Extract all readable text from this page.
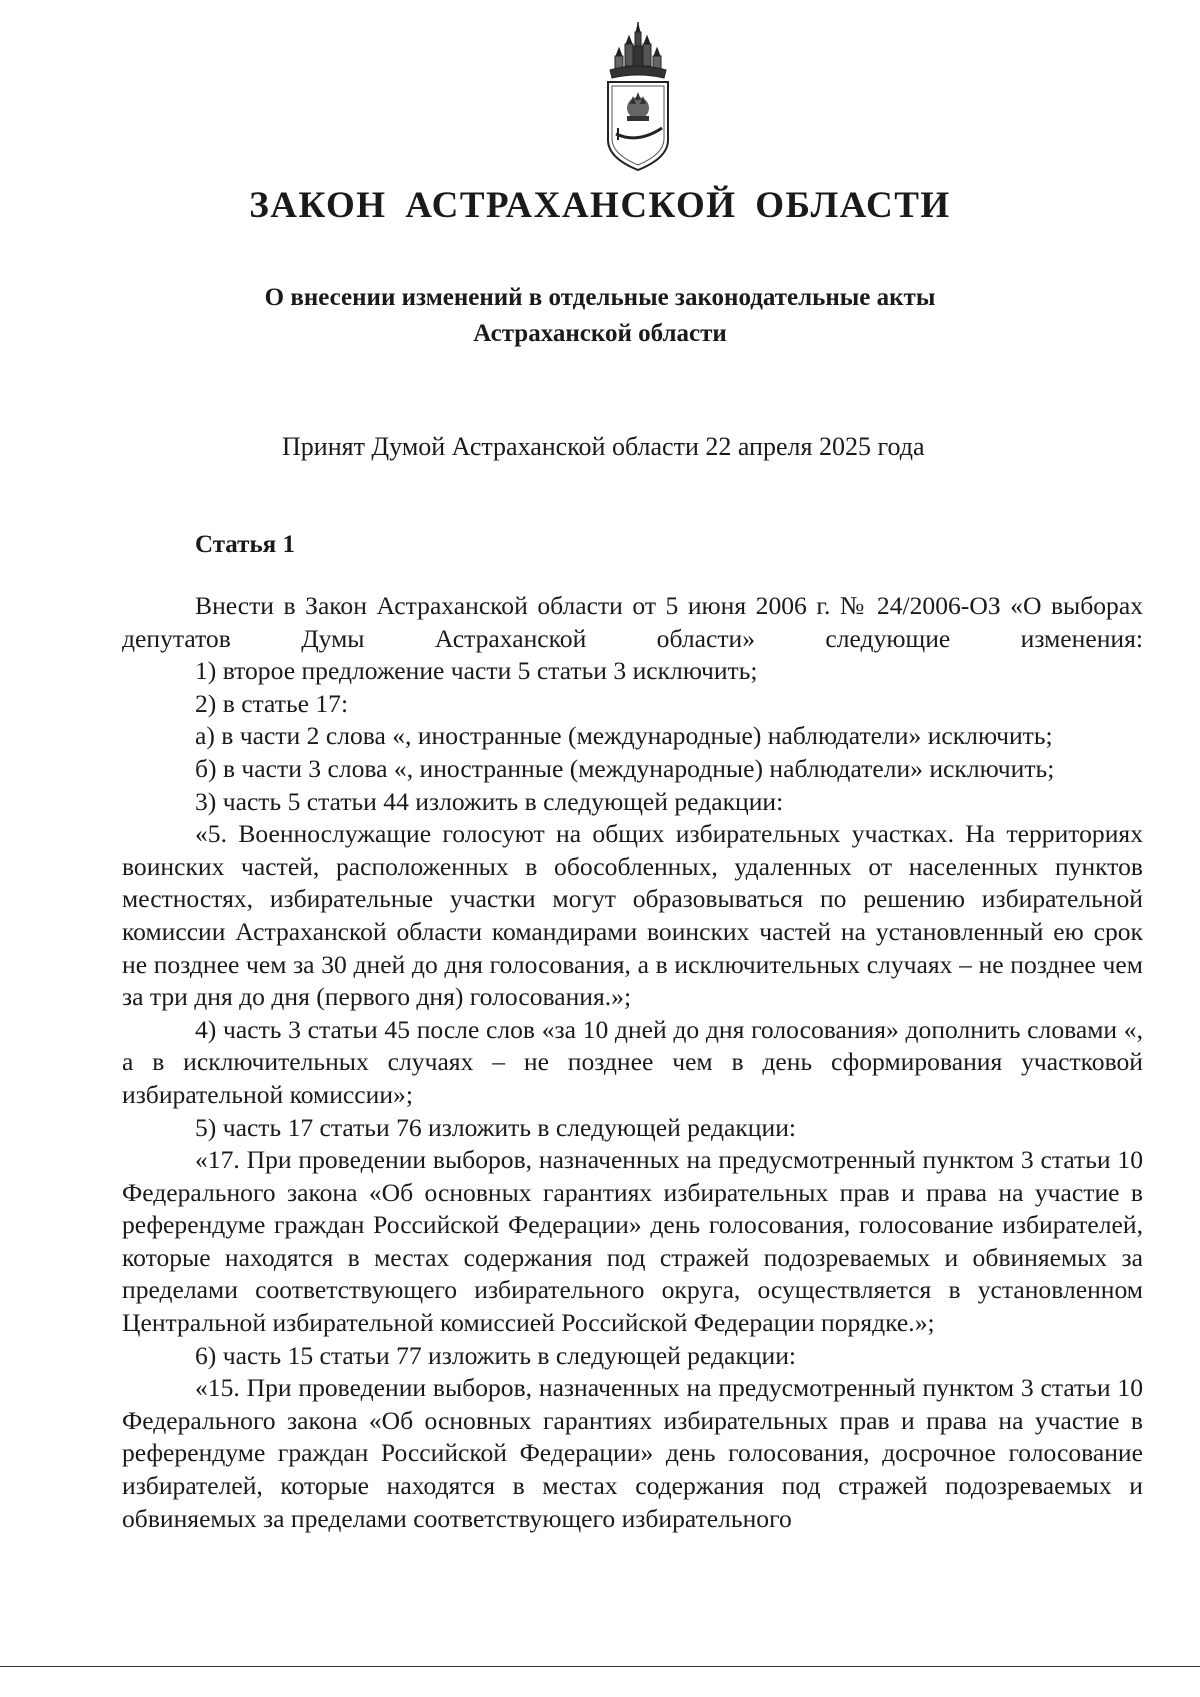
ЗАКОН АСТРАХАНСКОЙ ОБЛАСТИ
О внесении изменений в отдельные законодательные акты
Астраханской области

Принят Думой Астраханской области 22 апреля 2025 года

Статья 1

Внести в Закон Астраханской области от 5 июня 2006 г. № 24/2006-ОЗ «О выборах депутатов Думы Астраханской области» следующие изменения:

1) второе предложение части 5 статьи 3 исключить;

2) в статье 17:

а) в части 2 слова «, иностранные (международные) наблюдатели» исключить;

б) в части 3 слова «, иностранные (международные) наблюдатели» исключить;

3) часть 5 статьи 44 изложить в следующей редакции:

«5. Военнослужащие голосуют на общих избирательных участках. На территориях воинских частей, расположенных в обособленных, удаленных от населенных пунктов местностях, избирательные участки могут образовываться по решению избирательной комиссии Астраханской области командирами воинских частей на установленный ею срок не позднее чем за 30 дней до дня голосования, а в исключительных случаях – не позднее чем за три дня до дня (первого дня) голосования.»;

4) часть 3 статьи 45 после слов «за 10 дней до дня голосования» дополнить словами «, а в исключительных случаях – не позднее чем в день сформирования участковой избирательной комиссии»;

5) часть 17 статьи 76 изложить в следующей редакции:

«17. При проведении выборов, назначенных на предусмотренный пунктом 3 статьи 10 Федерального закона «Об основных гарантиях избирательных прав и права на участие в референдуме граждан Российской Федерации» день голосования, голосование избирателей, которые находятся в местах содержания под стражей подозреваемых и обвиняемых за пределами соответствующего избирательного округа, осуществляется в установленном Центральной избирательной комиссией Российской Федерации порядке.»;

6) часть 15 статьи 77 изложить в следующей редакции:

«15. При проведении выборов, назначенных на предусмотренный пунктом 3 статьи 10 Федерального закона «Об основных гарантиях избирательных прав и права на участие в референдуме граждан Российской Федерации» день голосования, досрочное голосование избирателей, которые находятся в местах содержания под стражей подозреваемых и обвиняемых за пределами соответствующего избирательного
